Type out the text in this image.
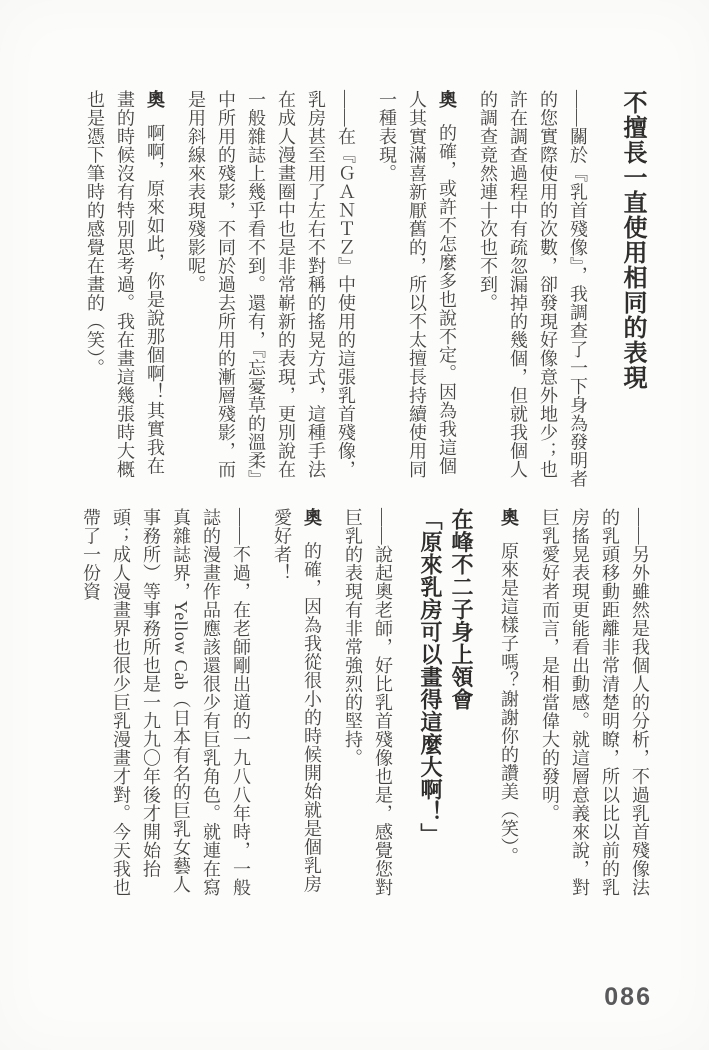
不擅長一直使用相同的表現

——關於『乳首殘像』，我調查了一下身為發明者的您實際使用的次數，卻發現好像意外地少；也許在調查過程中有疏忽漏掉的幾個，但就我個人的調查竟然連十次也不到。

奧的確，或許不怎麼多也說不定。因為我這個人其實滿喜新厭舊的，所以不太擅長持續使用同一種表現。

——在『ＧＡＮＴＺ』中使用的這張乳首殘像，乳房甚至用了左右不對稱的搖晃方式，這種手法在成人漫畫圈中也是非常嶄新的表現，更別說在一般雜誌上幾乎看不到。還有，『忘憂草的溫柔』中所用的殘影，不同於過去所用的漸層殘影，而是用斜線來表現殘影呢。

奧啊啊，原來如此，你是說那個啊！其實我在畫的時候沒有特別思考過。我在畫這幾張時大概也是憑下筆時的感覺在畫的（笑）。

——另外雖然是我個人的分析，不過乳首殘像法的乳頭移動距離非常清楚明瞭，所以比以前的乳房搖晃表現更能看出動感。就這層意義來說，對巨乳愛好者而言，是相當偉大的發明。

奧原來是這樣子嗎？謝謝你的讚美（笑）。

在峰不二子身上領會
「原來乳房可以畫得這麼大啊！」

——說起奧老師，好比乳首殘像也是，感覺您對巨乳的表現有非常強烈的堅持。

奧的確，因為我從很小的時候開始就是個乳房愛好者！

——不過，在老師剛出道的一九八八年時，一般誌的漫畫作品應該還很少有巨乳角色。就連在寫真雜誌界，Yellow Cab（日本有名的巨乳女藝人事務所）等事務所也是一九九〇年後才開始抬頭；成人漫畫界也很少巨乳漫畫才對。今天我也帶了一份資

086
